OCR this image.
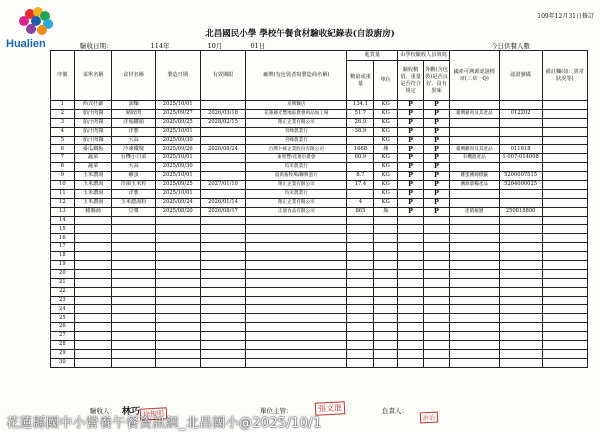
Hualien
109年12月31日修訂
北昌國民小學 學校午餐食材驗收紀錄表(自設廚房)
驗收日期：	114年	10月	01日	今日供餐人數
序號	菜單名稱	食材名稱	製造日期	有效期限	廠牌(有包裝者寫製造商名稱)	進貨量		由學校驗收人員填寫		國產可溯源認證標章(三章一Q)	認證號碼	備註欄(如：異常狀況等)
						數量或重量	單位	驗收數量、重量是否符合規定	外觀(含包裝)是否良好、沒有異味			
1	西式什錦	油麵	2025/10/01		泉興麵店	134.1	KG	P	P			
2	茄汁肉醬	豬絞肉	2025/09/27	2026/03/18	花蓮縣光豐地區農會肉品加工場	51.7	KG	P	P	臺灣豬肉及其產品	012202	
3	茄汁肉醬	洋菇罐頭	2025/09/25	2028/02/15	翔正企業有限公司	26.9	KG	P	P			
4	茄汁肉醬	洋蔥	2025/10/01		宮峰農業行	38.9	KG	P	P			
5	茄汁肉醬	大蒜	2025/09/30		宮峰農業行		KG	P	P			
6	番瓜鐵板	冷凍鐵塊	2025/09/26	2026/08/24	台灣卜蜂企業股份有限公司	1668	塊	P	P	臺灣雞肉及其產品	011618	
7	蔬菜	有機小白菜	2025/10/01		東聖豐/花蓮市農會	60.9	KG	P	P	有機農產品	1-007-014008	
8	蔬菜	大蒜	2025/09/30		均禾農業行		KG	P	P			
9	玉米濃湯	雞蛋	2025/10/01		盛禹畜牧場/聯興蛋行	8.7	KG	P	P	雞蛋溯源標籤	5200007515	
10	玉米濃湯	冷凍玉米粒	2025/09/25	2027/01/10	翔正企業有限公司	17.4	KG	P	P	溯源農糧產品	5204000025	
11	玉米濃湯	洋蔥	2025/10/01		均禾農業行		KG	P	P			
12	玉米濃湯	玉米濃湯粉	2025/09/24	2026/01/14	翔正企業有限公司	4	KG	P	P			
13	豬腸湯	豆漿	2025/08/20	2026/08/17	正康食品有限公司	865	瓶	P	P	產銷履歷	250818800	
14												
15												
16												
17												
18												
19												
20												
21												
22												
23												
24												
25												
26												
27												
28												
29												
30												
驗收人： 林巧 徐俊明	單位主管：	張文進	負責人：
許治
花蓮縣國中小營養午餐資訊網_北昌國小@2025/10/1
